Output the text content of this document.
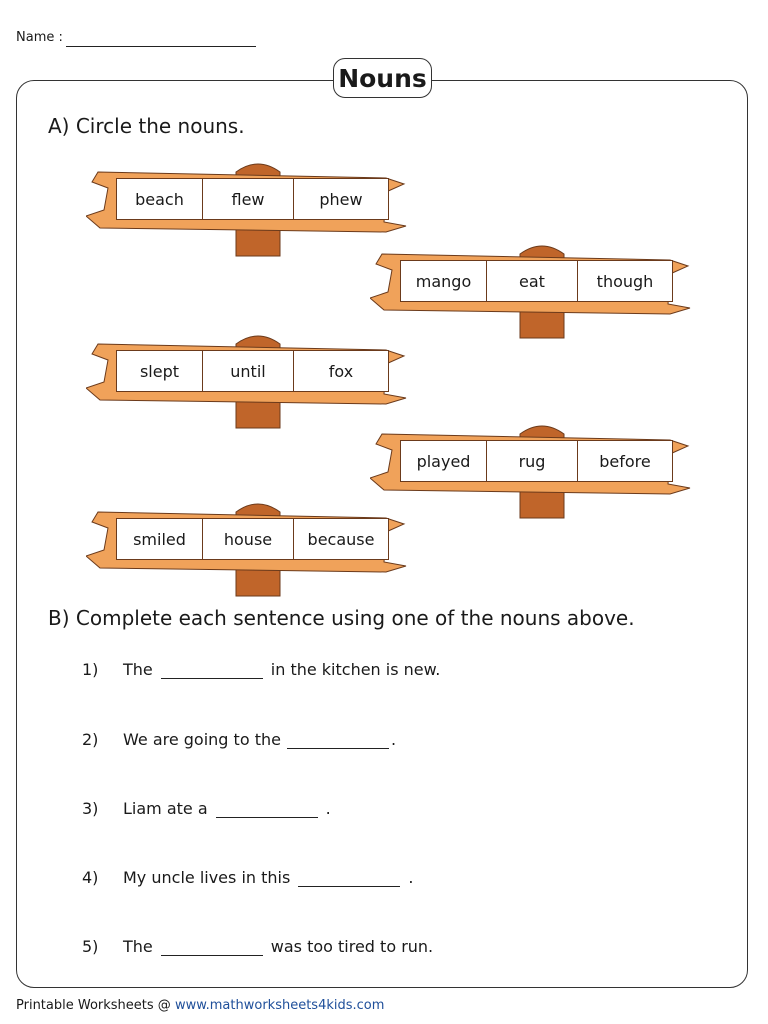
Name :
Nouns
A) Circle the nouns.
beach	flew	phew
mango	eat	though
slept	until	fox
played	rug	before
smiled	house	because
B) Complete each sentence using one of the nouns above.
1)	The	in the kitchen is new.
2)	We are going to the	.
3)	Liam ate a	.
4)	My uncle lives in this	.
5)	The	was too tired to run.
Printable Worksheets @ www.mathworksheets4kids.com
